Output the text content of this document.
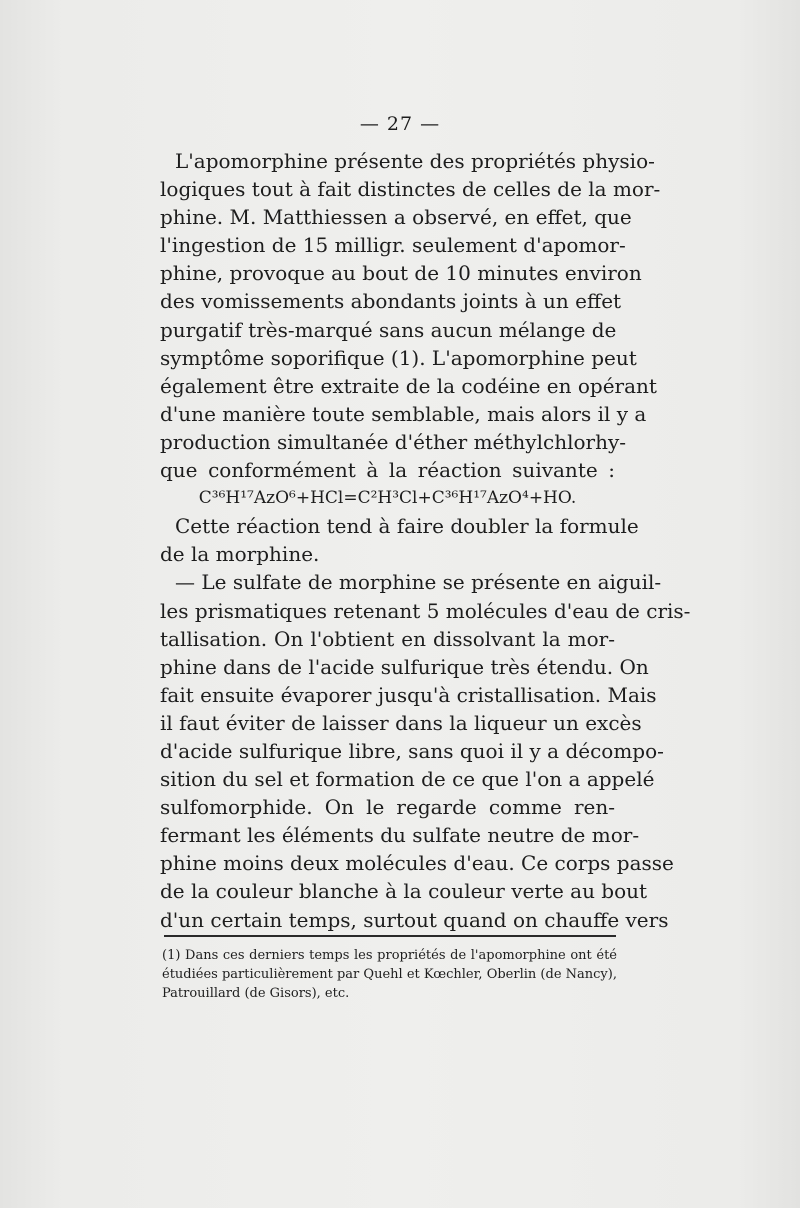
— 27 —
L'apomorphine présente des propriétés physio-
logiques tout à fait distinctes de celles de la mor-
phine. M. Matthiessen a observé, en effet, que
l'ingestion de 15 milligr. seulement d'apomor-
phine, provoque au bout de 10 minutes environ
des vomissements abondants joints à un effet
purgatif très-marqué sans aucun mélange de
symptôme soporifique (1). L'apomorphine peut
également être extraite de la codéine en opérant
d'une manière toute semblable, mais alors il y a
production simultanée d'éther méthylchlorhy-
que conformément à la réaction suivante :
C³⁶H¹⁷AzO⁶+HCl=C²H³Cl+C³⁶H¹⁷AzO⁴+HO.
Cette réaction tend à faire doubler la formule
de la morphine.
— Le sulfate de morphine se présente en aiguil-
les prismatiques retenant 5 molécules d'eau de cris-
tallisation. On l'obtient en dissolvant la mor-
phine dans de l'acide sulfurique très étendu. On
fait ensuite évaporer jusqu'à cristallisation. Mais
il faut éviter de laisser dans la liqueur un excès
d'acide sulfurique libre, sans quoi il y a décompo-
sition du sel et formation de ce que l'on a appelé
sulfomorphide. On le regarde comme ren-
fermant les éléments du sulfate neutre de mor-
phine moins deux molécules d'eau. Ce corps passe
de la couleur blanche à la couleur verte au bout
d'un certain temps, surtout quand on chauffe vers
(1) Dans ces derniers temps les propriétés de l'apomorphine ont été
étudiées particulièrement par Quehl et Kœchler, Oberlin (de Nancy),
Patrouillard (de Gisors), etc.
